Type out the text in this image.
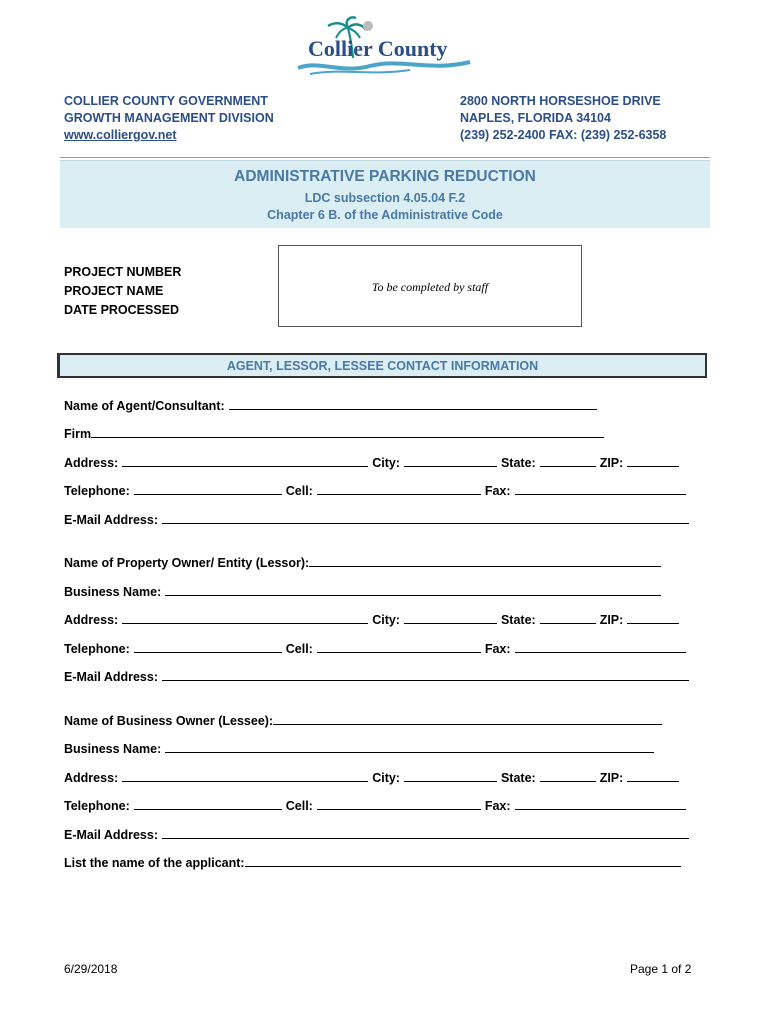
Collier County
COLLIER COUNTY GOVERNMENT
GROWTH MANAGEMENT DIVISION
www.colliergov.net
2800 NORTH HORSESHOE DRIVE
NAPLES, FLORIDA 34104
(239) 252-2400 FAX: (239) 252-6358
ADMINISTRATIVE PARKING REDUCTION
LDC subsection 4.05.04 F.2
Chapter 6 B. of the Administrative Code
PROJECT NUMBER
PROJECT NAME
DATE PROCESSED
To be completed by staff
AGENT, LESSOR, LESSEE CONTACT INFORMATION
Name of Agent/Consultant:
Firm
Address:	City:	State:	ZIP:
Telephone:	Cell:	Fax:
E-Mail Address:
Name of Property Owner/ Entity (Lessor):
Business Name:
Address:	City:	State:	ZIP:
Telephone:	Cell:	Fax:
E-Mail Address:
Name of Business Owner (Lessee):
Business Name:
Address:	City:	State:	ZIP:
Telephone:	Cell:	Fax:
E-Mail Address:
List the name of the applicant:
6/29/2018	Page 1 of 2
